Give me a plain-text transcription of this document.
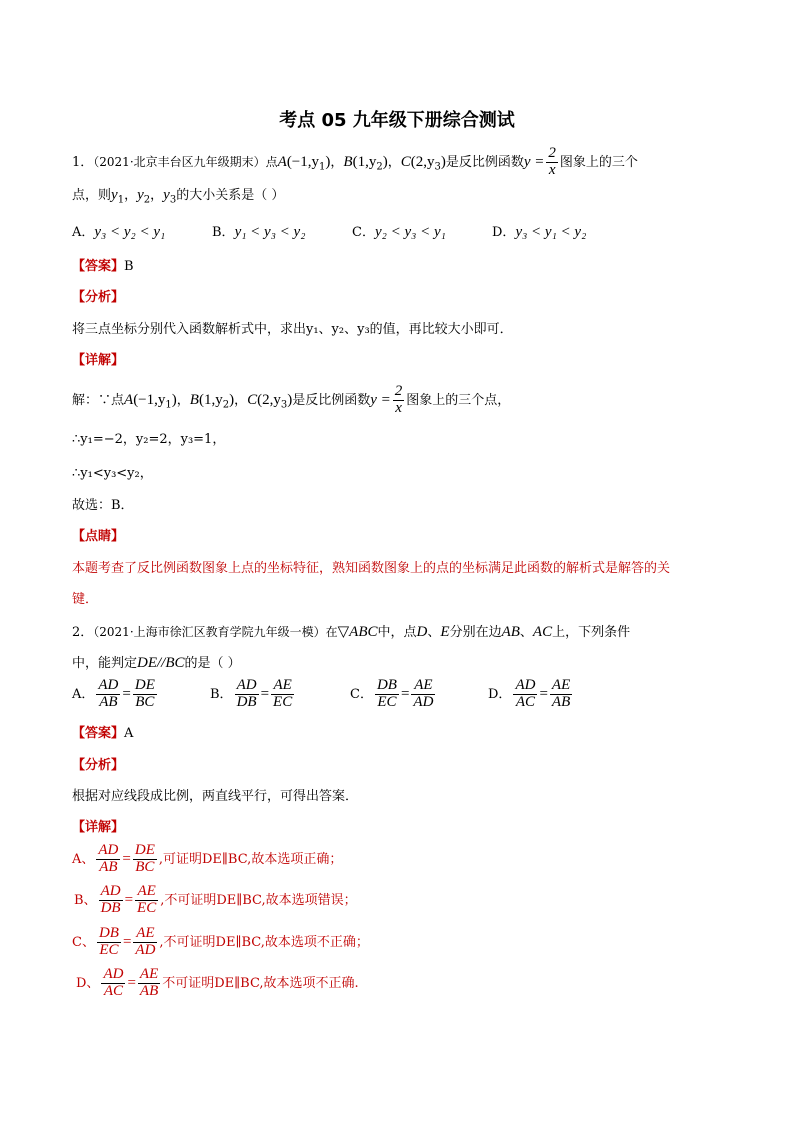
考点 05 九年级下册综合测试
1．（2021·北京丰台区九年级期末）点$A(-1,y_1)$，$B(1,y_2)$，$C(2,y_3)$是反比例函数$y = \frac{2}{x}$ 图象上的三个
点，则$y_1$，$y_2$，$y_3$的大小关系是（ ）
A．y₃ < y₂ < y₁	B．y₁ < y₃ < y₂	C．y₂ < y₃ < y₁	D．y₃ < y₁ < y₂
【答案】B
【分析】
将三点坐标分别代入函数解析式中，求出y₁、y₂、y₃的值，再比较大小即可．
【详解】
解：∵点$A(-1,y_1)$，$B(1,y_2)$，$C(2,y_3)$是反比例函数$y = \frac{2}{x}$ 图象上的三个点，
∴y₁=−2，y₂=2，y₃=1，
∴y₁<y₃<y₂，
故选：B．
【点睛】
本题考查了反比例函数图象上点的坐标特征，熟知函数图象上的点的坐标满足此函数的解析式是解答的关
键．
2．（2021·上海市徐汇区教育学院九年级一模）在▽ABC中，点D、E分别在边AB、AC上，下列条件
中，能判定DE//BC的是（ ）
A． $\frac{AD}{AB} = \frac{DE}{BC}$	B． $\frac{AD}{DB} = \frac{AE}{EC}$	C． $\frac{DB}{EC} = \frac{AE}{AD}$	D． $\frac{AD}{AC} = \frac{AE}{AB}$
【答案】A
【分析】
根据对应线段成比例，两直线平行，可得出答案．
【详解】
A、 $\frac{AD}{AB} = \frac{DE}{BC}$ ,可证明DE∥BC,故本选项正确；
B、 $\frac{AD}{DB} = \frac{AE}{EC}$ ,不可证明DE∥BC,故本选项错误；
C、 $\frac{DB}{EC} = \frac{AE}{AD}$ ,不可证明DE∥BC,故本选项不正确；
D、 $\frac{AD}{AC} = \frac{AE}{AB}$ 不可证明DE∥BC,故本选项不正确.
